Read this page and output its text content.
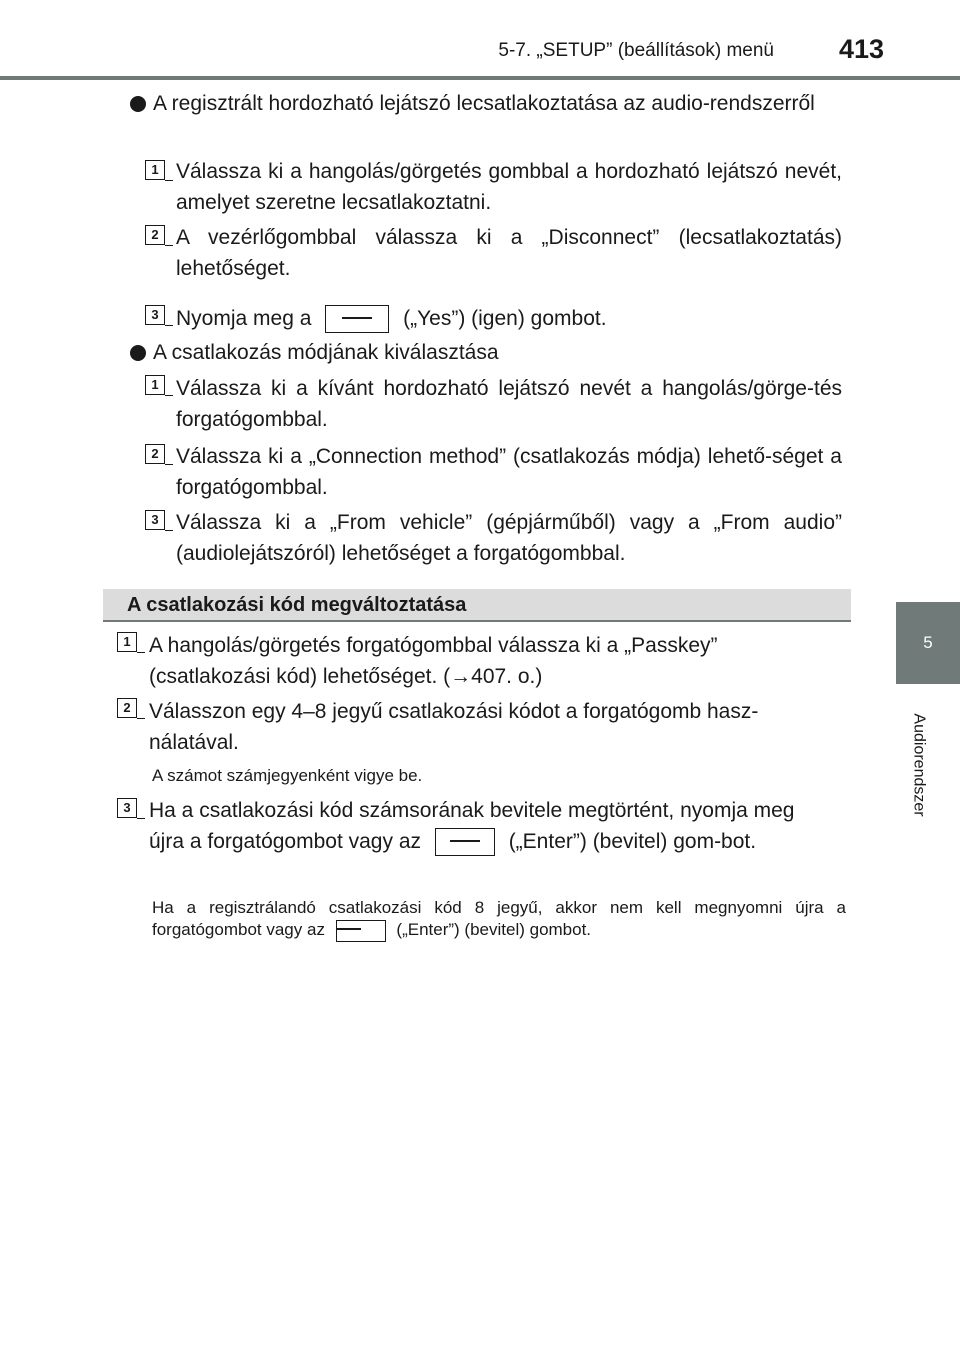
5-7. „SETUP” (beállítások) menü 413
5
Audiorendszer
A regisztrált hordozható lejátszó lecsatlakoztatása az audio-rendszerről
1 Válassza ki a hangolás/görgetés gombbal a hordozható lejátszó nevét, amelyet szeretne lecsatlakoztatni.
2 A vezérlőgombbal válassza ki a „Disconnect” (lecsatlakoztatás) lehetőséget.
3 Nyomja meg a	(„Yes”) (igen) gombot.
A csatlakozás módjának kiválasztása
1 Válassza ki a kívánt hordozható lejátszó nevét a hangolás/görge-tés forgatógombbal.
2 Válassza ki a „Connection method” (csatlakozás módja) lehető-séget a forgatógombbal.
3 Válassza ki a „From vehicle” (gépjárműből) vagy a „From audio” (audiolejátszóról) lehetőséget a forgatógombbal.
A csatlakozási kód megváltoztatása
1 A hangolás/görgetés forgatógombbal válassza ki a „Passkey” (csatlakozási kód) lehetőséget. (→407. o.)
2 Válasszon egy 4–8 jegyű csatlakozási kódot a forgatógomb hasz-nálatával.
A számot számjegyenként vigye be.
3 Ha a csatlakozási kód számsorának bevitele megtörtént, nyomja meg újra a forgatógombot vagy az	(„Enter”) (bevitel) gom-bot.
Ha a regisztrálandó csatlakozási kód 8 jegyű, akkor nem kell megnyomni újra a forgatógombot vagy az	(„Enter”) (bevitel) gombot.
